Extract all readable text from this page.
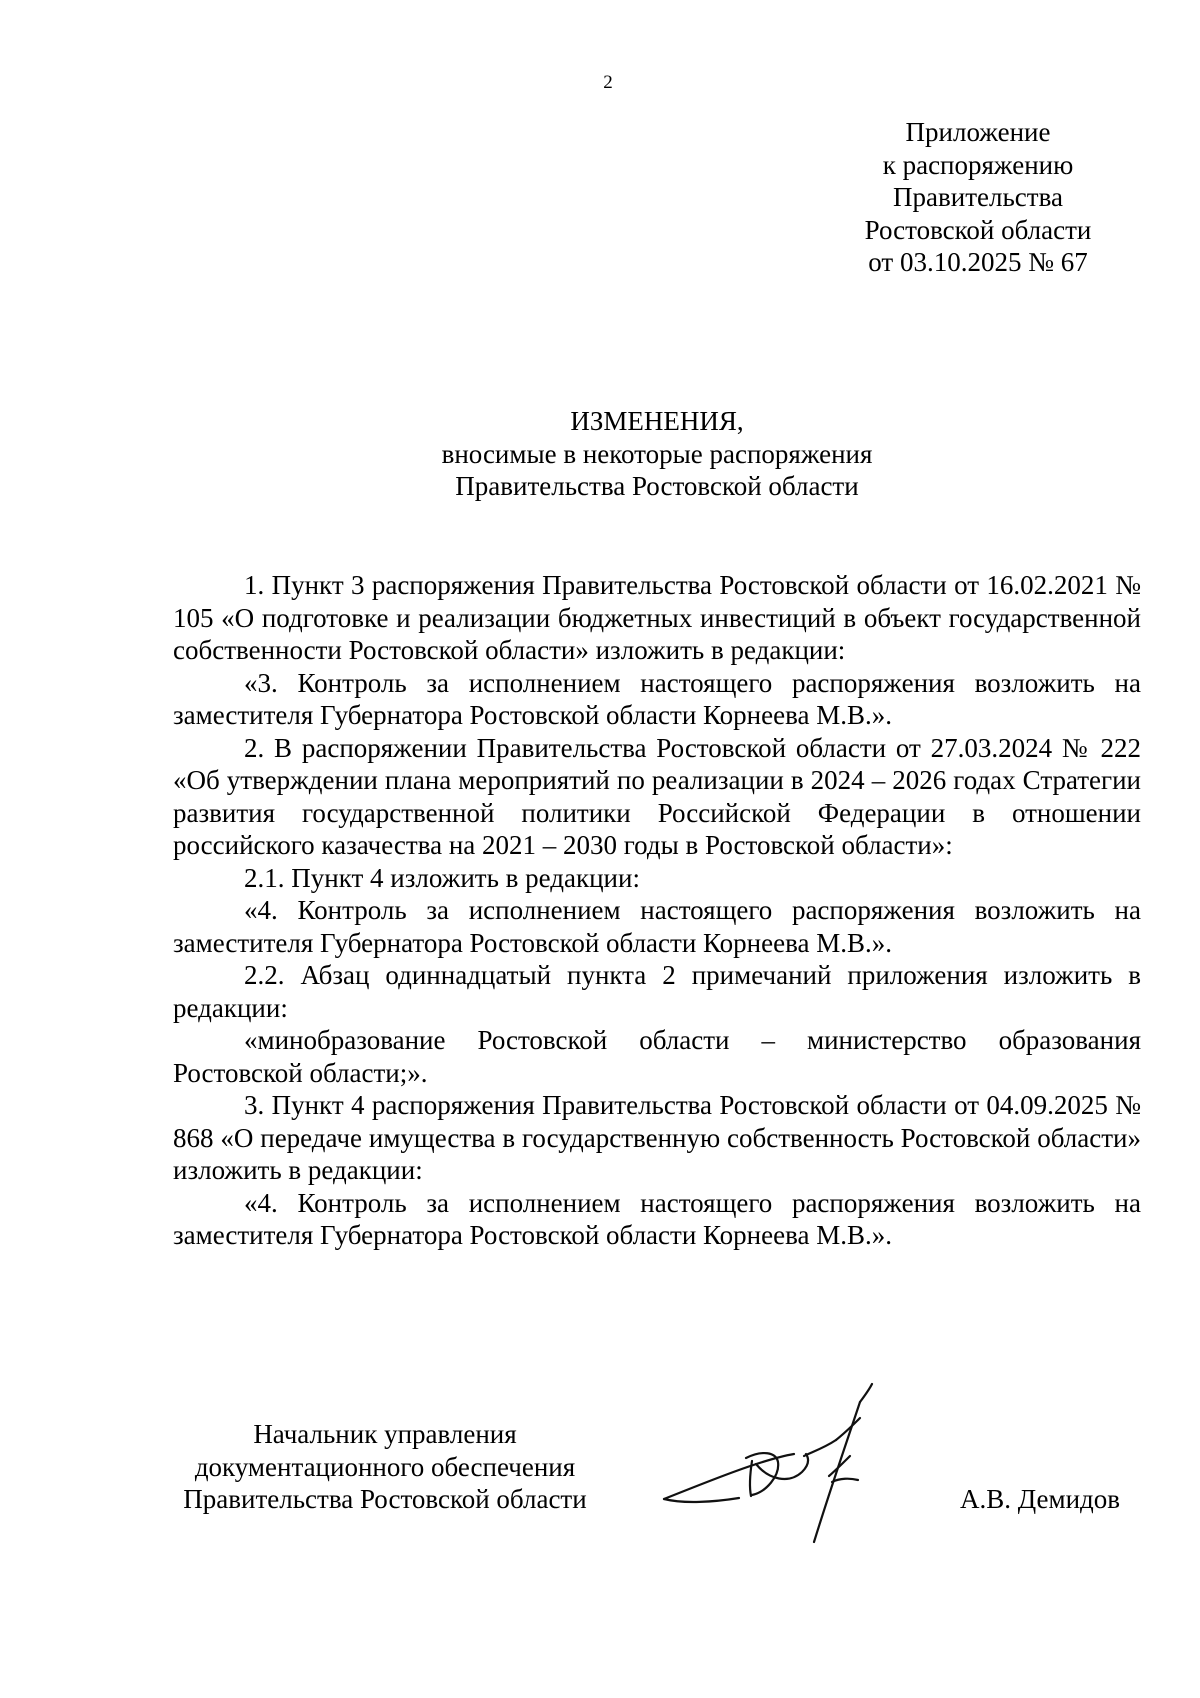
2
Приложение
к распоряжению
Правительства
Ростовской области
от 03.10.2025 № 67
ИЗМЕНЕНИЯ,
вносимые в некоторые распоряжения
Правительства Ростовской области

1. Пункт 3 распоряжения Правительства Ростовской области от 16.02.2021 № 105 «О подготовке и реализации бюджетных инвестиций в объект государственной собственности Ростовской области» изложить в редакции:

«3. Контроль за исполнением настоящего распоряжения возложить на заместителя Губернатора Ростовской области Корнеева М.В.».

2. В распоряжении Правительства Ростовской области от 27.03.2024 № 222 «Об утверждении плана мероприятий по реализации в 2024 – 2026 годах Стратегии развития государственной политики Российской Федерации в отношении российского казачества на 2021 – 2030 годы в Ростовской области»:

2.1. Пункт 4 изложить в редакции:

«4. Контроль за исполнением настоящего распоряжения возложить на заместителя Губернатора Ростовской области Корнеева М.В.».

2.2. Абзац одиннадцатый пункта 2 примечаний приложения изложить в редакции:

«минобразование Ростовской области – министерство образования Ростовской области;».

3. Пункт 4 распоряжения Правительства Ростовской области от 04.09.2025 № 868 «О передаче имущества в государственную собственность Ростовской области» изложить в редакции:

«4. Контроль за исполнением настоящего распоряжения возложить на заместителя Губернатора Ростовской области Корнеева М.В.».

Начальник управления
документационного обеспечения
Правительства Ростовской области	А.В. Демидов
